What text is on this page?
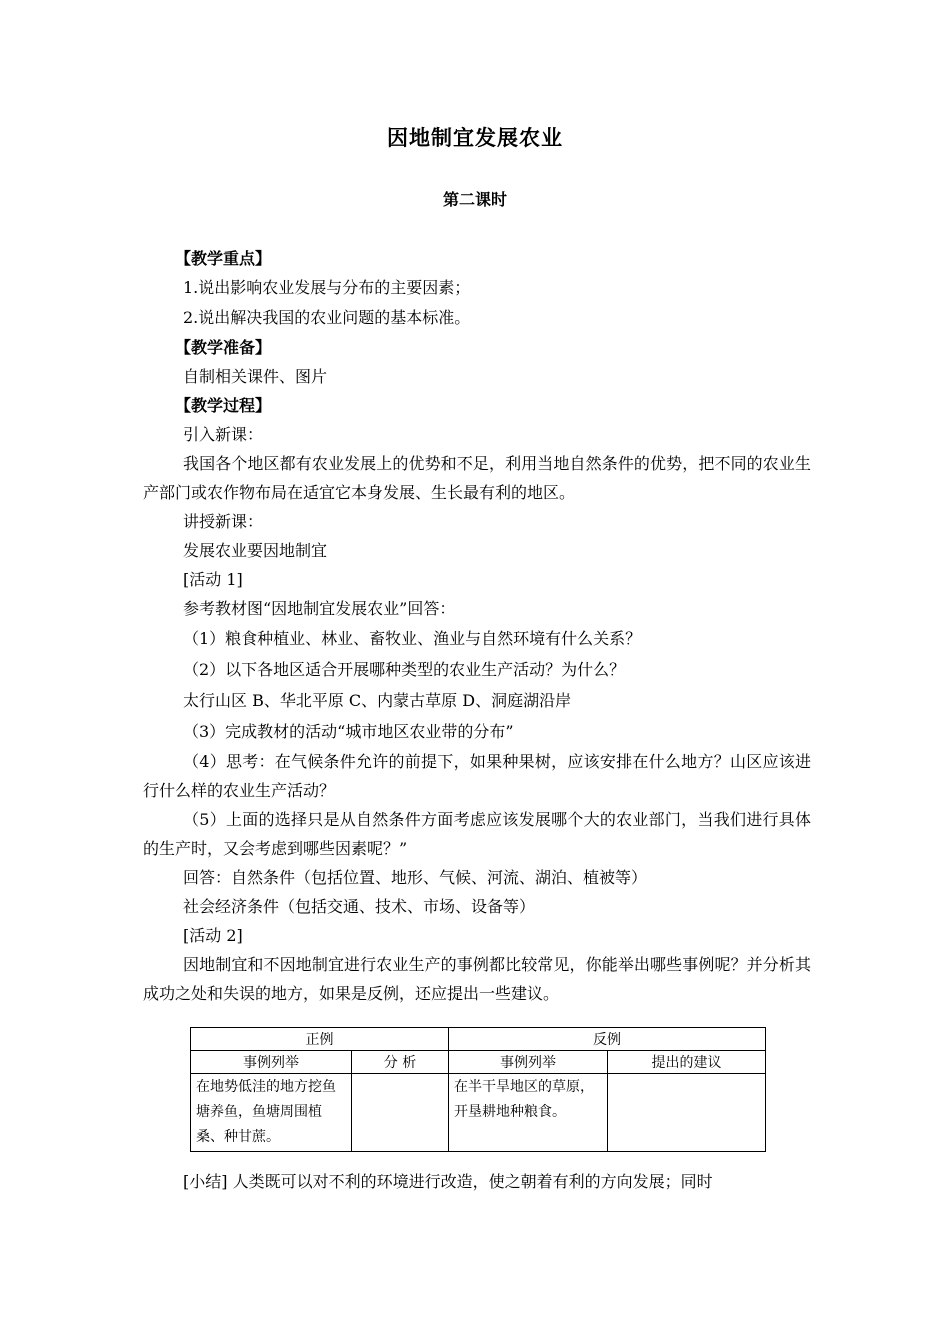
因地制宜发展农业
第二课时

【教学重点】

1.说出影响农业发展与分布的主要因素；

2.说出解决我国的农业问题的基本标准。

【教学准备】

自制相关课件、图片

【教学过程】

引入新课：

我国各个地区都有农业发展上的优势和不足，利用当地自然条件的优势，把不同的农业生产部门或农作物布局在适宜它本身发展、生长最有利的地区。

讲授新课：

发展农业要因地制宜

[活动 1]

参考教材图“因地制宜发展农业”回答：

（1）粮食种植业、林业、畜牧业、渔业与自然环境有什么关系？

（2）以下各地区适合开展哪种类型的农业生产活动？为什么？

太行山区 B、华北平原 C、内蒙古草原 D、洞庭湖沿岸

（3）完成教材的活动“城市地区农业带的分布”

（4）思考：在气候条件允许的前提下，如果种果树，应该安排在什么地方？山区应该进行什么样的农业生产活动？

（5）上面的选择只是从自然条件方面考虑应该发展哪个大的农业部门，当我们进行具体的生产时，又会考虑到哪些因素呢？”

回答：自然条件（包括位置、地形、气候、河流、湖泊、植被等）

社会经济条件（包括交通、技术、市场、设备等）

[活动 2]

因地制宜和不因地制宜进行农业生产的事例都比较常见，你能举出哪些事例呢？并分析其成功之处和失误的地方，如果是反例，还应提出一些建议。

正例		反例	
事例列举	分 析	事例列举	提出的建议
在地势低洼的地方挖鱼塘养鱼，鱼塘周围植桑、种甘蔗。		在半干旱地区的草原，开垦耕地种粮食。	

[小结] 人类既可以对不利的环境进行改造，使之朝着有利的方向发展；同时
